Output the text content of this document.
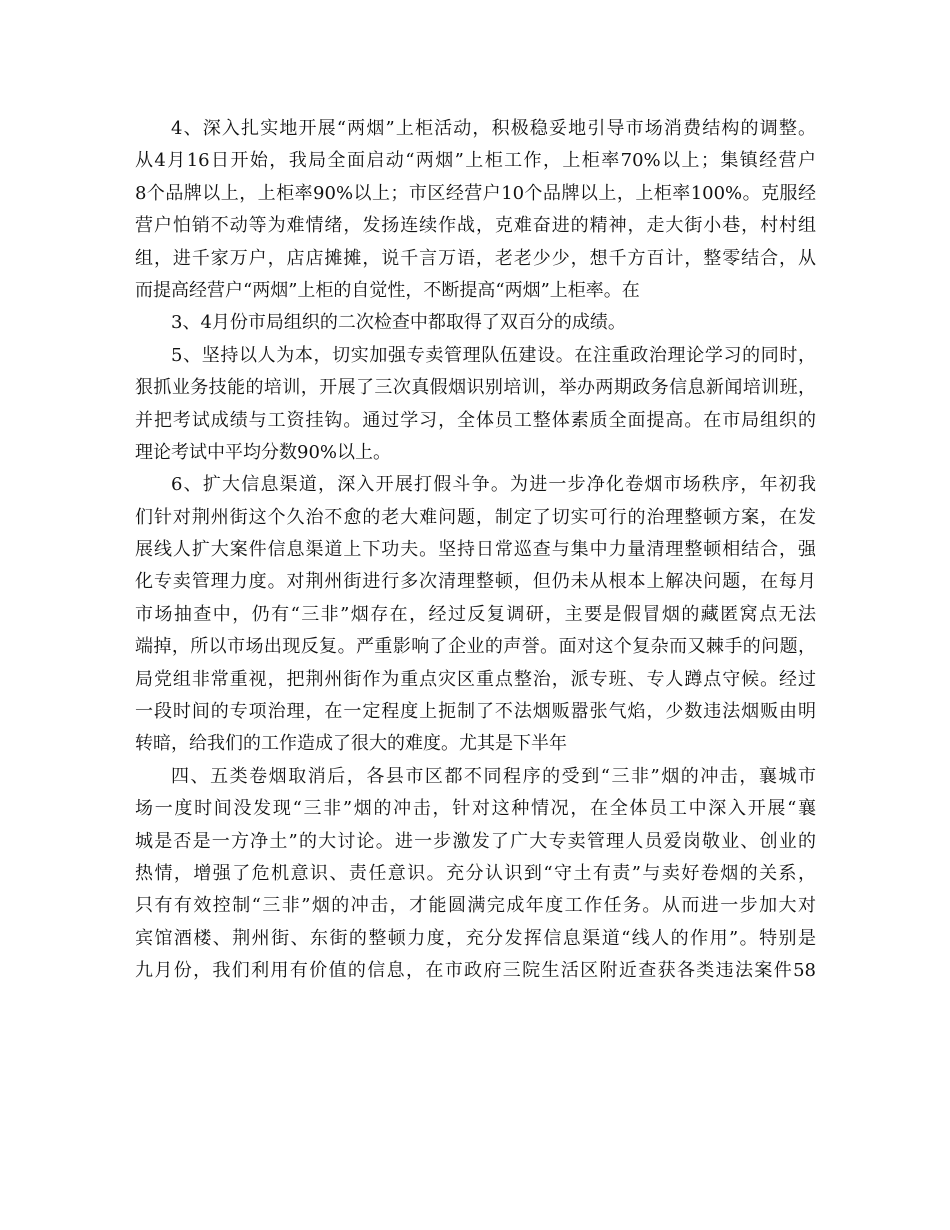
4、深入扎实地开展“两烟”上柜活动，积极稳妥地引导市场消费结构的调整。
从4月16日开始，我局全面启动“两烟”上柜工作，上柜率70%以上；集镇经营户
8个品牌以上，上柜率90%以上；市区经营户10个品牌以上，上柜率100%。克服经
营户怕销不动等为难情绪，发扬连续作战，克难奋进的精神，走大街小巷，村村组
组，进千家万户，店店摊摊，说千言万语，老老少少，想千方百计，整零结合，从
而提高经营户“两烟”上柜的自觉性，不断提高“两烟”上柜率。在
3、4月份市局组织的二次检查中都取得了双百分的成绩。
5、坚持以人为本，切实加强专卖管理队伍建设。在注重政治理论学习的同时，
狠抓业务技能的培训，开展了三次真假烟识别培训，举办两期政务信息新闻培训班，
并把考试成绩与工资挂钩。通过学习，全体员工整体素质全面提高。在市局组织的
理论考试中平均分数90%以上。
6、扩大信息渠道，深入开展打假斗争。为进一步净化卷烟市场秩序，年初我
们针对荆州街这个久治不愈的老大难问题，制定了切实可行的治理整顿方案，在发
展线人扩大案件信息渠道上下功夫。坚持日常巡查与集中力量清理整顿相结合，强
化专卖管理力度。对荆州街进行多次清理整顿，但仍未从根本上解决问题，在每月
市场抽查中，仍有“三非”烟存在，经过反复调研，主要是假冒烟的藏匿窝点无法
端掉，所以市场出现反复。严重影响了企业的声誉。面对这个复杂而又棘手的问题，
局党组非常重视，把荆州街作为重点灾区重点整治，派专班、专人蹲点守候。经过
一段时间的专项治理，在一定程度上扼制了不法烟贩嚣张气焰，少数违法烟贩由明
转暗，给我们的工作造成了很大的难度。尤其是下半年
四、五类卷烟取消后，各县市区都不同程序的受到“三非”烟的冲击，襄城市
场一度时间没发现“三非”烟的冲击，针对这种情况，在全体员工中深入开展“襄
城是否是一方净土”的大讨论。进一步激发了广大专卖管理人员爱岗敬业、创业的
热情，增强了危机意识、责任意识。充分认识到“守土有责”与卖好卷烟的关系，
只有有效控制“三非”烟的冲击，才能圆满完成年度工作任务。从而进一步加大对
宾馆酒楼、荆州街、东街的整顿力度，充分发挥信息渠道“线人的作用”。特别是
九月份，我们利用有价值的信息，在市政府三院生活区附近查获各类违法案件58
